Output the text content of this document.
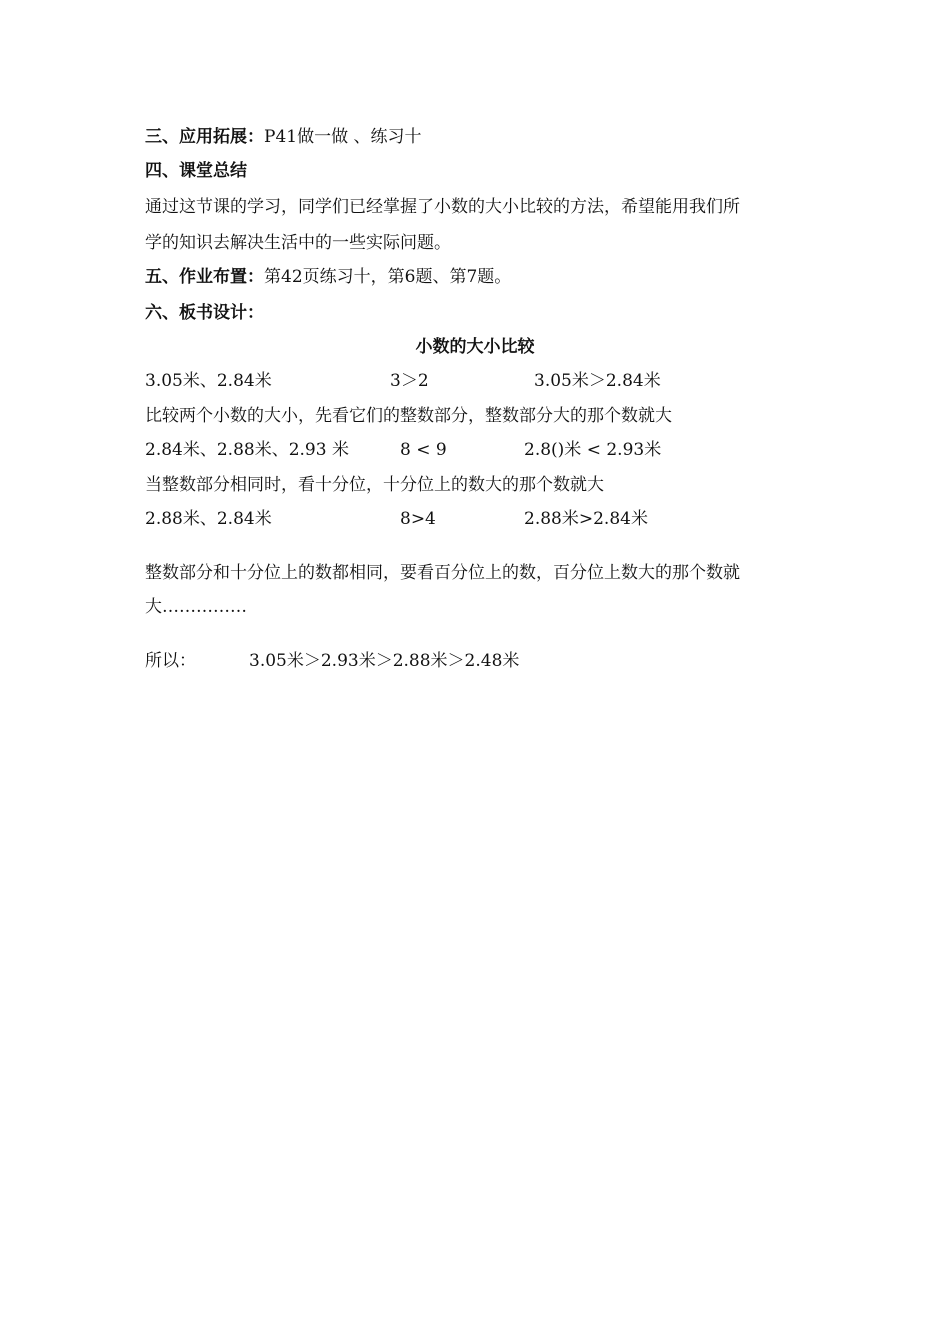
三、应用拓展：P41做一做 、练习十
四、课堂总结
通过这节课的学习，同学们已经掌握了小数的大小比较的方法，希望能用我们所
学的知识去解决生活中的一些实际问题。
五、作业布置：第42页练习十，第6题、第7题。
六、板书设计：
小数的大小比较
3.05米、2.84米	3＞2	3.05米＞2.84米
比较两个小数的大小，先看它们的整数部分，整数部分大的那个数就大
2.84米、2.88米、2.93 米	8 < 9	2.8()米 < 2.93米
当整数部分相同时，看十分位，十分位上的数大的那个数就大
2.88米、2.84米	8>4	2.88米>2.84米
整数部分和十分位上的数都相同，要看百分位上的数，百分位上数大的那个数就
大……………
所以：	3.05米＞2.93米＞2.88米＞2.48米
